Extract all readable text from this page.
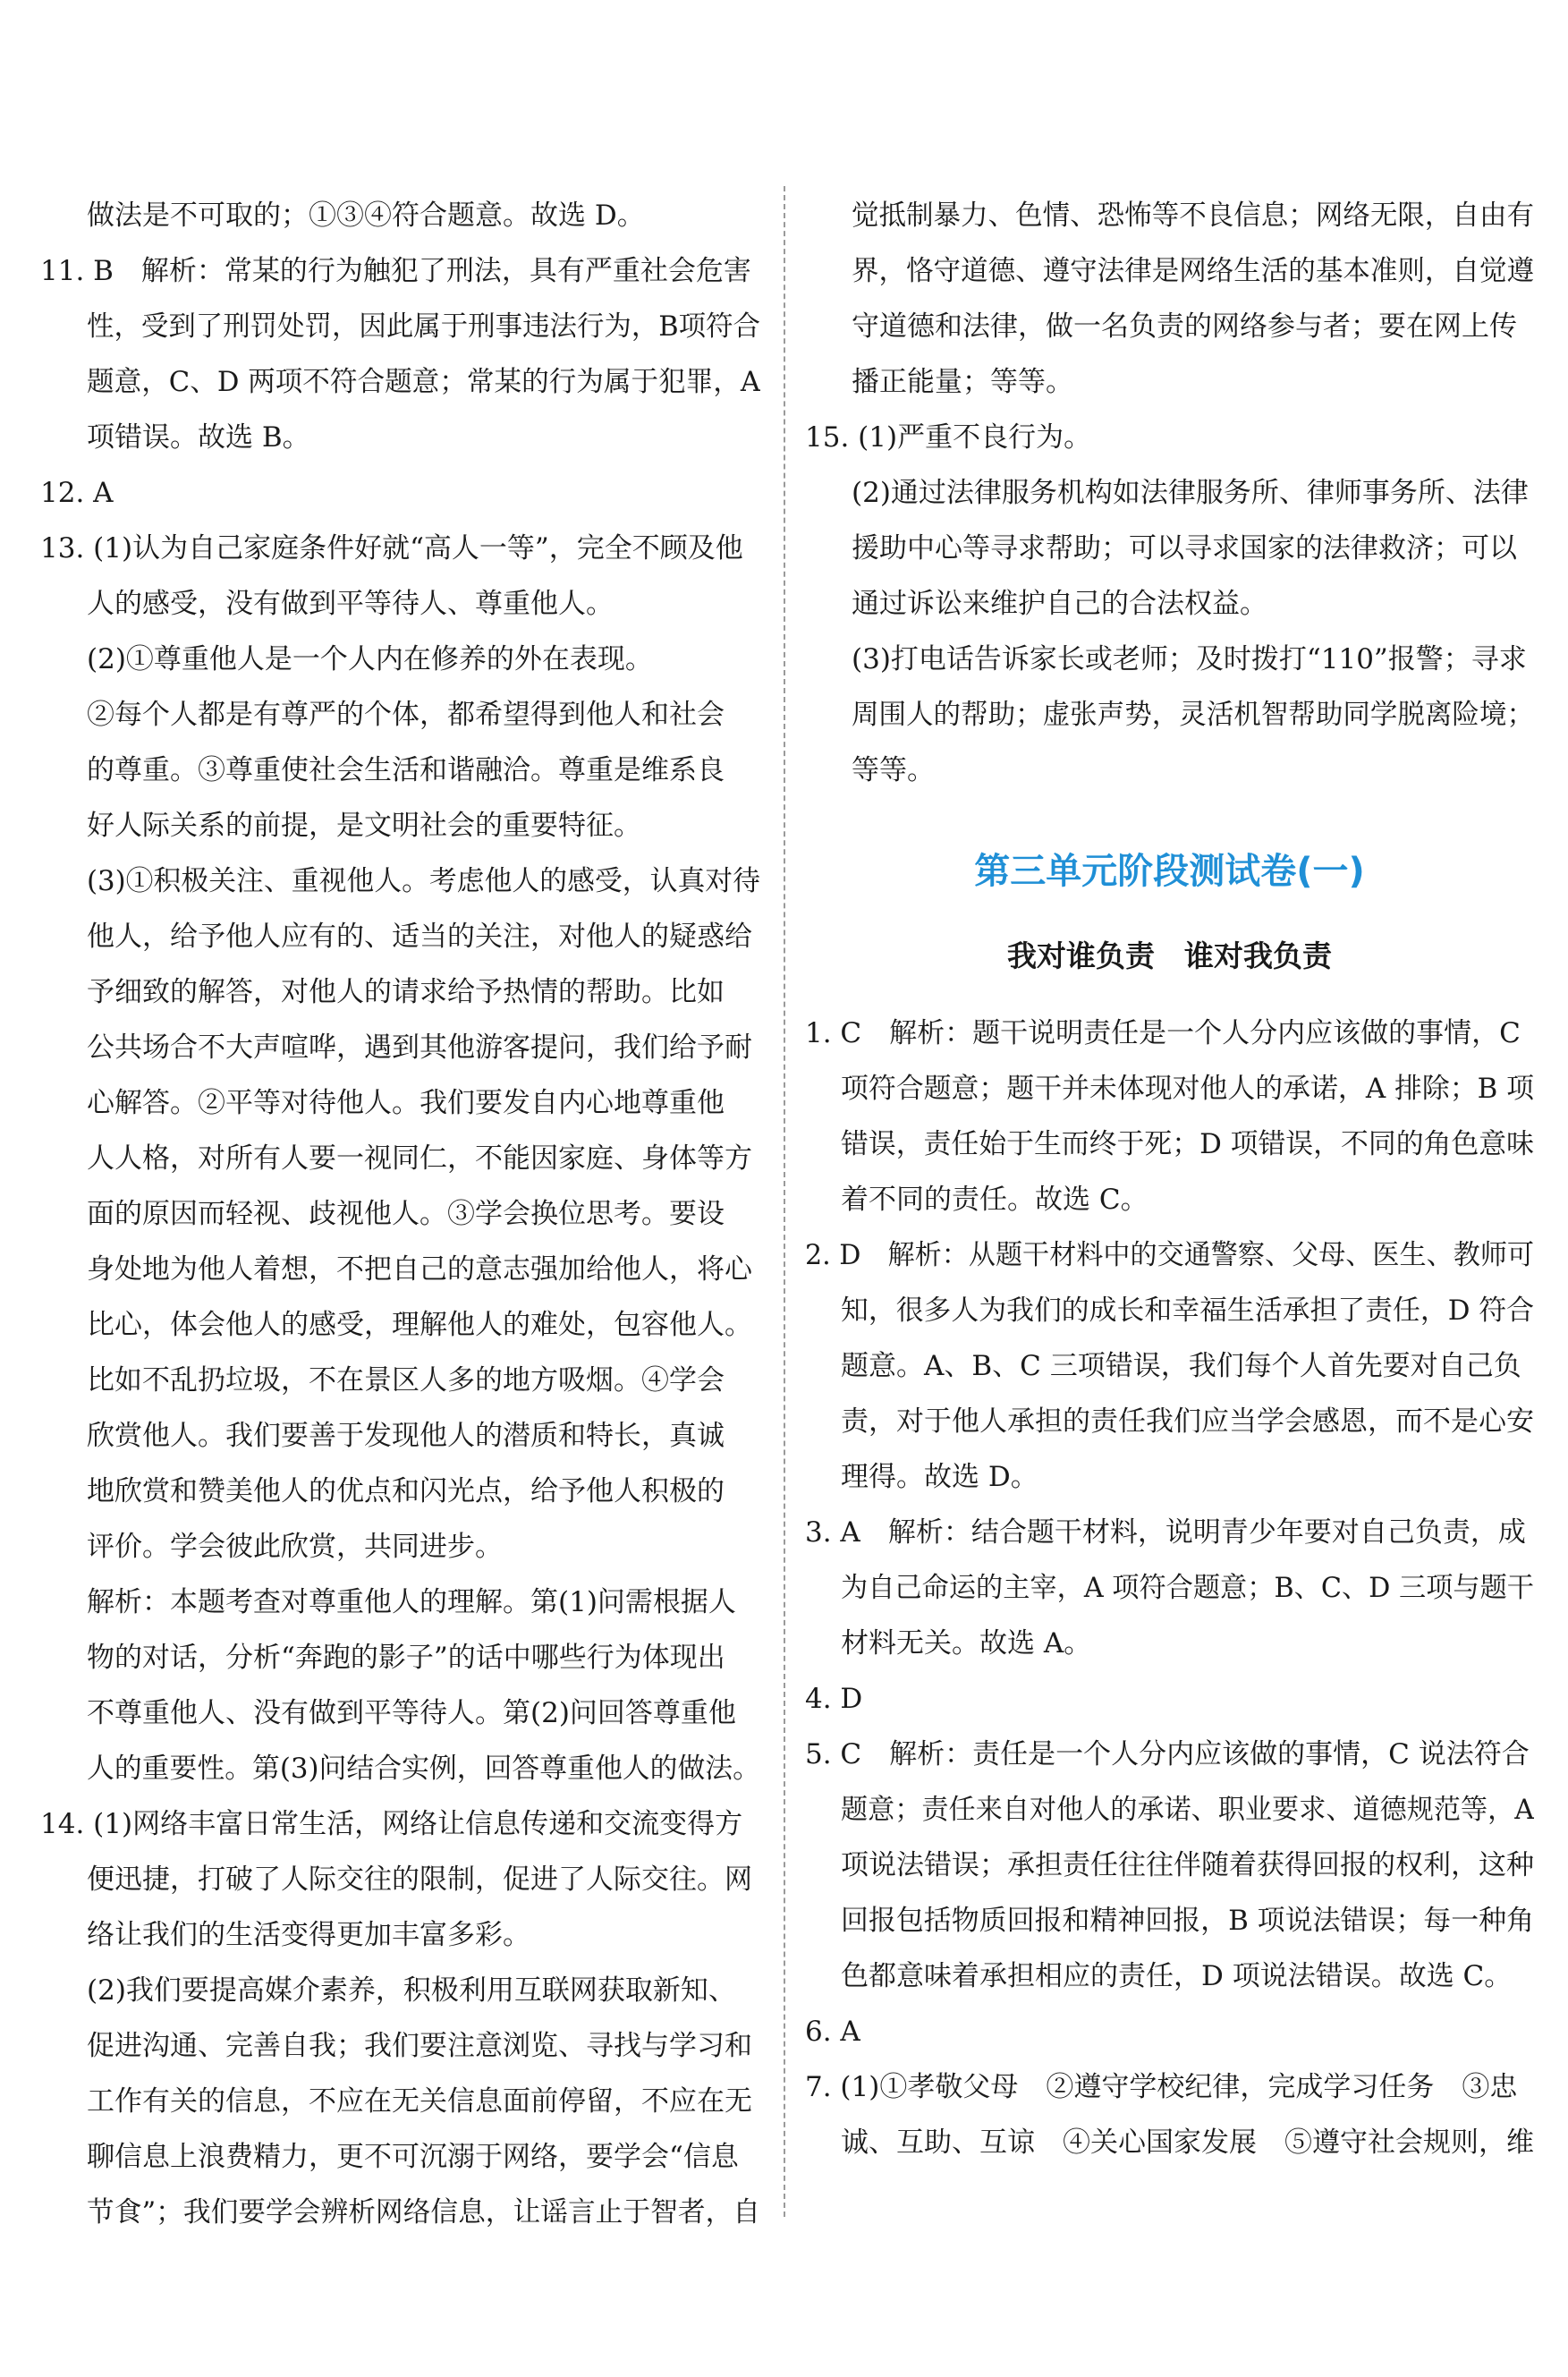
做法是不可取的；①③④符合题意。故选 D。
11. B　解析：常某的行为触犯了刑法，具有严重社会危害
性，受到了刑罚处罚，因此属于刑事违法行为，B项符合
题意，C、D 两项不符合题意；常某的行为属于犯罪，A
项错误。故选 B。
12. A
13. (1)认为自己家庭条件好就“高人一等”，完全不顾及他
人的感受，没有做到平等待人、尊重他人。
(2)①尊重他人是一个人内在修养的外在表现。
②每个人都是有尊严的个体，都希望得到他人和社会
的尊重。③尊重使社会生活和谐融洽。尊重是维系良
好人际关系的前提，是文明社会的重要特征。
(3)①积极关注、重视他人。考虑他人的感受，认真对待
他人，给予他人应有的、适当的关注，对他人的疑惑给
予细致的解答，对他人的请求给予热情的帮助。比如
公共场合不大声喧哗，遇到其他游客提问，我们给予耐
心解答。②平等对待他人。我们要发自内心地尊重他
人人格，对所有人要一视同仁，不能因家庭、身体等方
面的原因而轻视、歧视他人。③学会换位思考。要设
身处地为他人着想，不把自己的意志强加给他人，将心
比心，体会他人的感受，理解他人的难处，包容他人。
比如不乱扔垃圾，不在景区人多的地方吸烟。④学会
欣赏他人。我们要善于发现他人的潜质和特长，真诚
地欣赏和赞美他人的优点和闪光点，给予他人积极的
评价。学会彼此欣赏，共同进步。
解析：本题考查对尊重他人的理解。第(1)问需根据人
物的对话，分析“奔跑的影子”的话中哪些行为体现出
不尊重他人、没有做到平等待人。第(2)问回答尊重他
人的重要性。第(3)问结合实例，回答尊重他人的做法。
14. (1)网络丰富日常生活，网络让信息传递和交流变得方
便迅捷，打破了人际交往的限制，促进了人际交往。网
络让我们的生活变得更加丰富多彩。
(2)我们要提高媒介素养，积极利用互联网获取新知、
促进沟通、完善自我；我们要注意浏览、寻找与学习和
工作有关的信息，不应在无关信息面前停留，不应在无
聊信息上浪费精力，更不可沉溺于网络，要学会“信息
节食”；我们要学会辨析网络信息，让谣言止于智者，自
觉抵制暴力、色情、恐怖等不良信息；网络无限，自由有
界，恪守道德、遵守法律是网络生活的基本准则，自觉遵
守道德和法律，做一名负责的网络参与者；要在网上传
播正能量；等等。
15. (1)严重不良行为。
(2)通过法律服务机构如法律服务所、律师事务所、法律
援助中心等寻求帮助；可以寻求国家的法律救济；可以
通过诉讼来维护自己的合法权益。
(3)打电话告诉家长或老师；及时拨打“110”报警；寻求
周围人的帮助；虚张声势，灵活机智帮助同学脱离险境；
等等。
第三单元阶段测试卷(一)
我对谁负责　谁对我负责
1. C　解析：题干说明责任是一个人分内应该做的事情，C
项符合题意；题干并未体现对他人的承诺，A 排除；B 项
错误，责任始于生而终于死；D 项错误，不同的角色意味
着不同的责任。故选 C。
2. D　解析：从题干材料中的交通警察、父母、医生、教师可
知，很多人为我们的成长和幸福生活承担了责任，D 符合
题意。A、B、C 三项错误，我们每个人首先要对自己负
责，对于他人承担的责任我们应当学会感恩，而不是心安
理得。故选 D。
3. A　解析：结合题干材料，说明青少年要对自己负责，成
为自己命运的主宰，A 项符合题意；B、C、D 三项与题干
材料无关。故选 A。
4. D
5. C　解析：责任是一个人分内应该做的事情，C 说法符合
题意；责任来自对他人的承诺、职业要求、道德规范等，A
项说法错误；承担责任往往伴随着获得回报的权利，这种
回报包括物质回报和精神回报，B 项说法错误；每一种角
色都意味着承担相应的责任，D 项说法错误。故选 C。
6. A
7. (1)①孝敬父母　②遵守学校纪律，完成学习任务　③忠
诚、互助、互谅　④关心国家发展　⑤遵守社会规则，维
